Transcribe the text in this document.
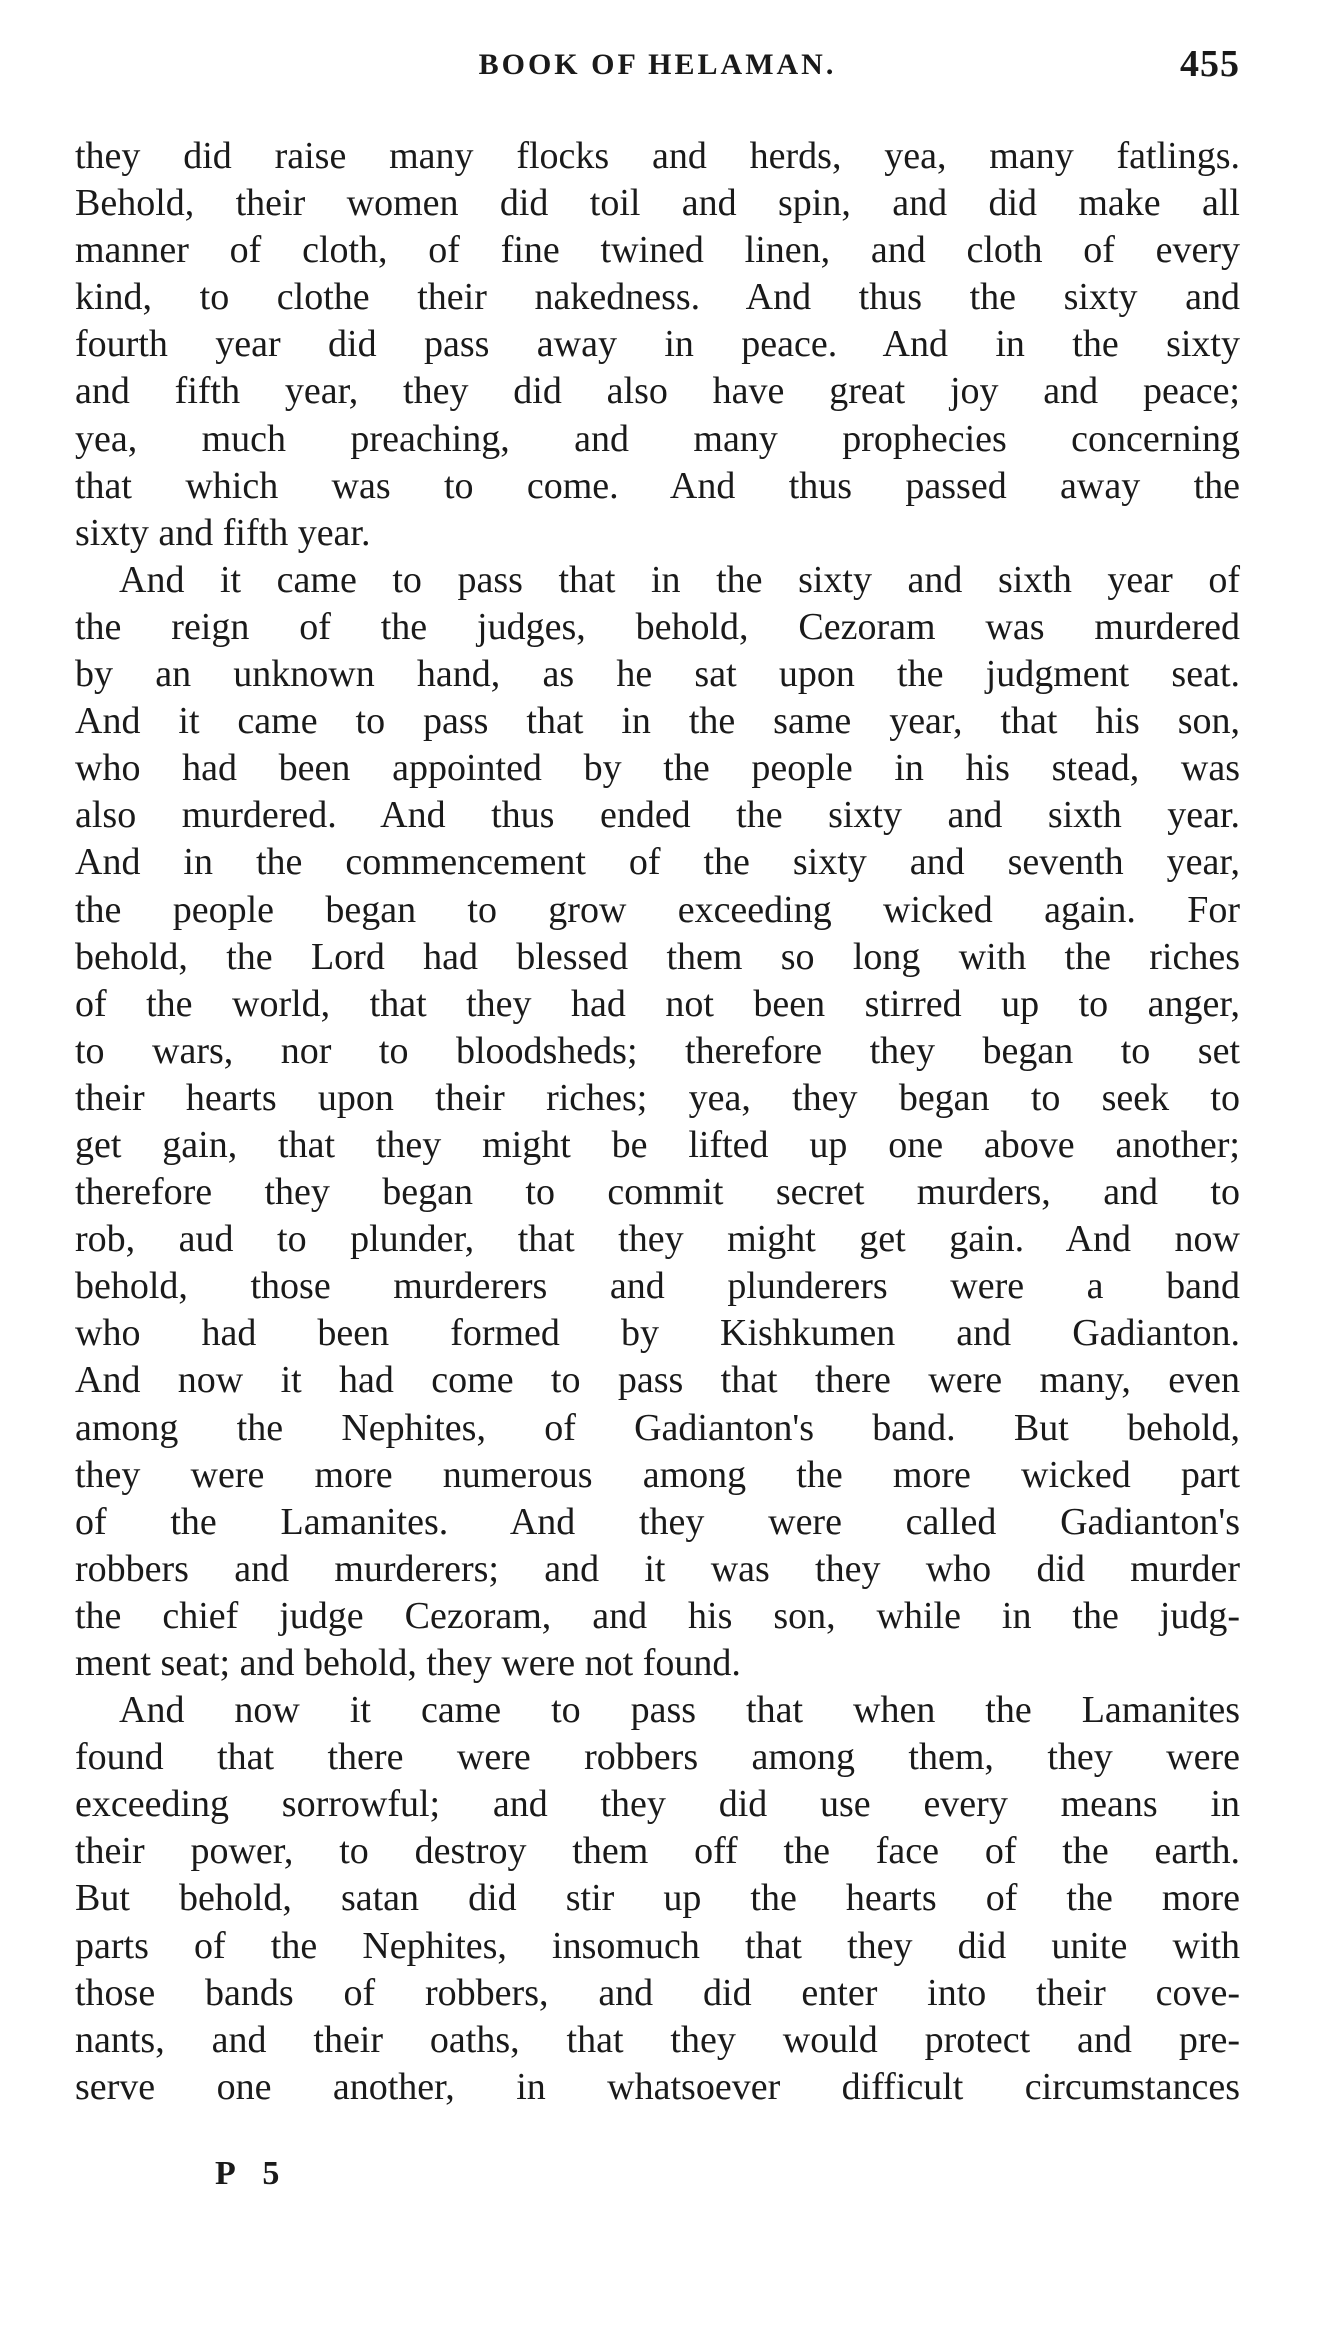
BOOK OF HELAMAN.	455
they did raise many flocks and herds, yea, many fatlings.
Behold, their women did toil and spin, and did make all
manner of cloth, of fine twined linen, and cloth of every
kind, to clothe their nakedness. And thus the sixty and
fourth year did pass away in peace. And in the sixty
and fifth year, they did also have great joy and peace;
yea, much preaching, and many prophecies concerning
that which was to come. And thus passed away the
sixty and fifth year.
And it came to pass that in the sixty and sixth year of
the reign of the judges, behold, Cezoram was murdered
by an unknown hand, as he sat upon the judgment seat.
And it came to pass that in the same year, that his son,
who had been appointed by the people in his stead, was
also murdered. And thus ended the sixty and sixth year.
And in the commencement of the sixty and seventh year,
the people began to grow exceeding wicked again. For
behold, the Lord had blessed them so long with the riches
of the world, that they had not been stirred up to anger,
to wars, nor to bloodsheds; therefore they began to set
their hearts upon their riches; yea, they began to seek to
get gain, that they might be lifted up one above another;
therefore they began to commit secret murders, and to
rob, aud to plunder, that they might get gain. And now
behold, those murderers and plunderers were a band
who had been formed by Kishkumen and Gadianton.
And now it had come to pass that there were many, even
among the Nephites, of Gadianton's band. But behold,
they were more numerous among the more wicked part
of the Lamanites. And they were called Gadianton's
robbers and murderers; and it was they who did murder
the chief judge Cezoram, and his son, while in the judg-
ment seat; and behold, they were not found.
And now it came to pass that when the Lamanites
found that there were robbers among them, they were
exceeding sorrowful; and they did use every means in
their power, to destroy them off the face of the earth.
But behold, satan did stir up the hearts of the more
parts of the Nephites, insomuch that they did unite with
those bands of robbers, and did enter into their cove-
nants, and their oaths, that they would protect and pre-
serve one another, in whatsoever difficult circumstances
P 5
